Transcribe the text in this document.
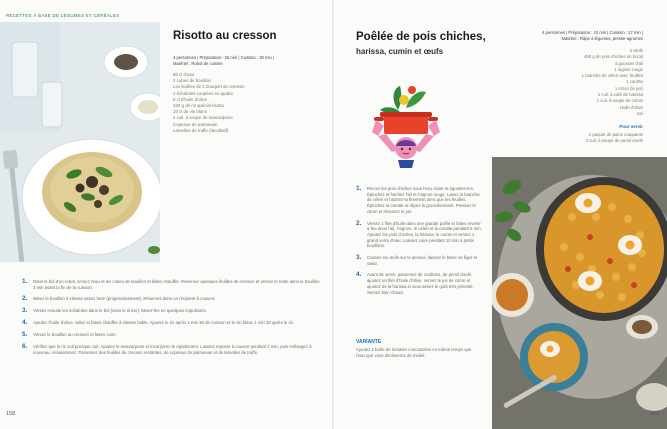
RECETTES À BASE DE LÉGUMES ET CÉRÉALES
Risotto au cresson
4 personnes | Préparation : 15 min | Cuisson : 30 min |
Matériel : Robot de cuisine
80 cl d'eau
2 cubes de bouillon
Les feuilles de 1 bouquet de cresson
2 échalotes coupées en quatre
5 cl d'huile d'olive
320 g de riz spécial risotto
10 cl de vin blanc
2 cuil. à soupe de mascarpone
Copeaux de parmesan
Lamelles de truffe (facultatif)
1.	Dans le bol d'un robot, versez l'eau et les cubes de bouillon et faites chauffer. Réservez quelques feuilles de cresson et versez le reste dans le bouillon 3 min avant la fin de la cuisson.
2.	Mixez le bouillon à vitesse assez forte (progressivement). Réservez dans un récipient à couvert.
3.	Versez ensuite les échalotes dans le bol (sans le rincer). Mixez-les en quelques impulsions.
4.	Ajoutez l'huile d'olive, salez et faites chauffer à vitesse faible. Ajoutez le riz après 1 min 30 de cuisson et le vin blanc 1 min 30 après le riz.
5.	Versez le bouillon au cresson et faites cuire.
6.	Vérifiez que le riz soit presque cuit. Ajoutez le mascarpone et incorporez-le rapidement. Laissez reposer à couvert pendant 2 min, puis mélangez à nouveau. Assaisonnez. Parsemez des feuilles de cresson restantes, de copeaux de parmesan et de lamelles de truffe.
158
Poêlée de pois chiches,
harissa, cumin et œufs
4 personnes | Préparation : 10 min | Cuisson : 17 min |
Matériel : Râpe à légumes, presse-agrumes
4 œufs
450 g de pois chiches en bocal
4 gousses d'ail
1 oignon rouge
1 branche de céleri avec feuilles
1 carotte
1 citron (le jus)
1 cuil. à café de harissa
1 cuil. à soupe de cumin
Huile d'olive
Sel
Pour servir
1 paquet de pains craquants
3 cuil. à soupe de persil ciselé
1.	Rincez les pois chiches sous l'eau claire et égouttez-les. Épluchez et hachez l'ail et l'oignon rouge. Lavez la branche de céleri et hachez-la finement ainsi que les feuilles. Épluchez la carotte et râpez-la grossièrement. Pressez le citron et réservez le jus.
2.	Versez 1 filet d'huile dans une grande poêle et faites revenir à feu doux l'ail, l'oignon, le céleri et la carotte pendant 5 min. Ajoutez les pois chiches, la harissa, le cumin et versez 1 grand verre d'eau. Laissez cuire pendant 10 min à petits bouillons.
3.	Cassez les œufs sur le dessus, laissez le blanc se figer et salez.
4.	Avant de servir, parsemez de croûtons, de persil ciselé, ajoutez un filet d'huile d'olive, versez le jus de citron et ajoutez de la harissa si vous aimez le goût très pimenté. Servez bien chaud.
VARIANTE
Ajoutez 1 boîte de tomates concassées en même temps que l'eau que vous diminuerez de moitié.
159
